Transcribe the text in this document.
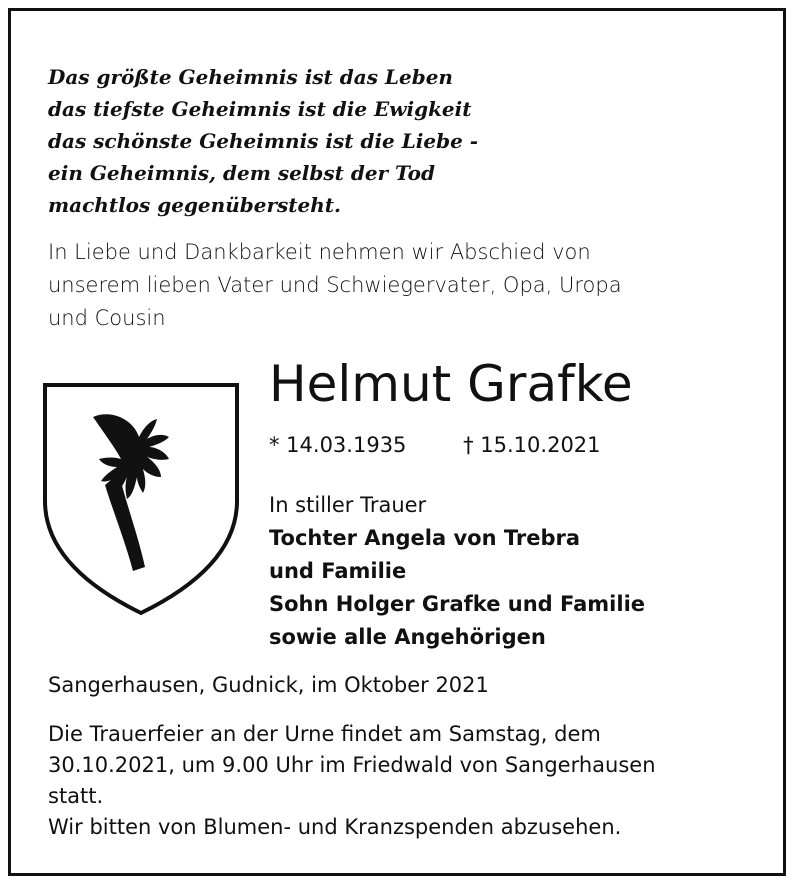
Das größte Geheimnis ist das Leben
das tiefste Geheimnis ist die Ewigkeit
das schönste Geheimnis ist die Liebe -
ein Geheimnis, dem selbst der Tod
machtlos gegenübersteht.
In Liebe und Dankbarkeit nehmen wir Abschied von
unserem lieben Vater und Schwiegervater, Opa, Uropa
und Cousin
Helmut Grafke
* 14.03.1935	† 15.10.2021
In stiller Trauer
Tochter Angela von Trebra
und Familie
Sohn Holger Grafke und Familie
sowie alle Angehörigen
Sangerhausen, Gudnick, im Oktober 2021
Die Trauerfeier an der Urne findet am Samstag, dem
30.10.2021, um 9.00 Uhr im Friedwald von Sangerhausen
statt.
Wir bitten von Blumen- und Kranzspenden abzusehen.
